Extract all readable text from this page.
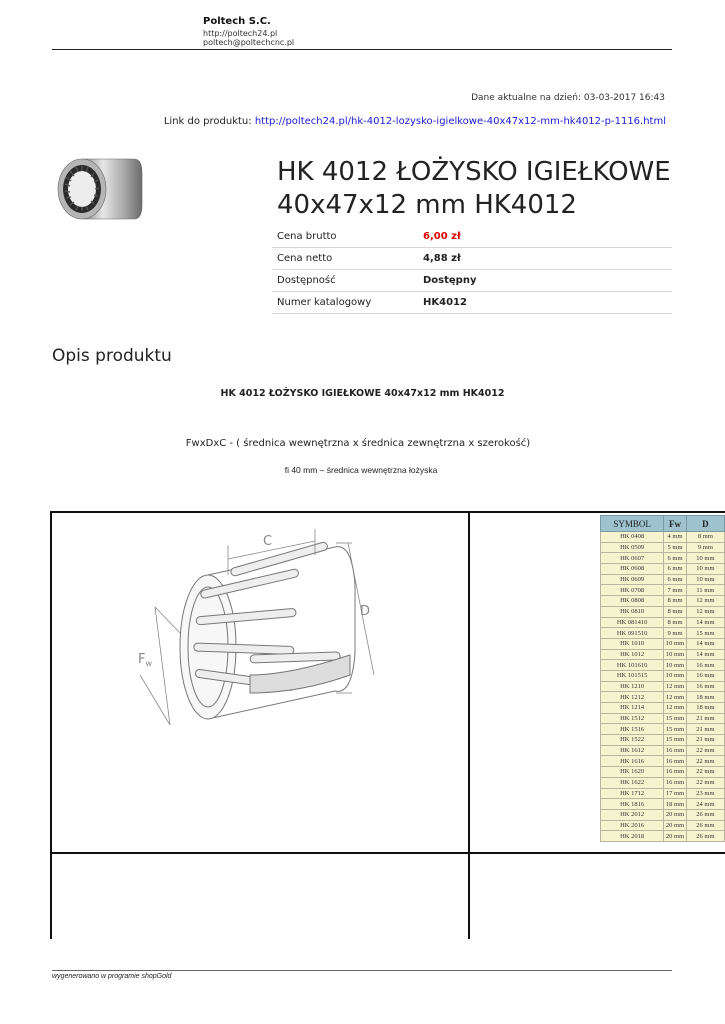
Poltech S.C.
http://poltech24.pl
poltech@poltechcnc.pl
Dane aktualne na dzień: 03-03-2017 16:43
Link do produktu: http://poltech24.pl/hk-4012-lozysko-igielkowe-40x47x12-mm-hk4012-p-1116.html
HK 4012 ŁOŻYSKO IGIEŁKOWE 40x47x12 mm HK4012
Cena brutto	6,00 zł
Cena netto	4,88 zł
Dostępność	Dostępny
Numer katalogowy	HK4012
Opis produktu
HK 4012 ŁOŻYSKO IGIEŁKOWE 40x47x12 mm HK4012
FwxDxC - ( średnica wewnętrzna x średnica zewnętrzna x szerokość)
fi 40 mm – średnica wewnętrzna łożyska
C
D
$F_w$
SYMBOL	Fw	D
HK 0408	4 mm	8 mm
HK 0509	5 mm	9 mm
HK 0607	6 mm	10 mm
HK 0608	6 mm	10 mm
HK 0609	6 mm	10 mm
HK 0708	7 mm	11 mm
HK 0808	8 mm	12 mm
HK 0810	8 mm	12 mm
HK 081410	8 mm	14 mm
HK 091510	9 mm	15 mm
HK 1010	10 mm	14 mm
HK 1012	10 mm	14 mm
HK 101610	10 mm	16 mm
HK 101515	10 mm	16 mm
HK 1210	12 mm	16 mm
HK 1212	12 mm	18 mm
HK 1214	12 mm	18 mm
HK 1512	15 mm	21 mm
HK 1516	15 mm	21 mm
HK 1522	15 mm	21 mm
HK 1612	16 mm	22 mm
HK 1616	16 mm	22 mm
HK 1620	16 mm	22 mm
HK 1622	16 mm	22 mm
HK 1712	17 mm	23 mm
HK 1816	18 mm	24 mm
HK 2012	20 mm	26 mm
HK 2016	20 mm	26 mm
HK 2018	20 mm	26 mm
wygenerowano w programie shopGold
